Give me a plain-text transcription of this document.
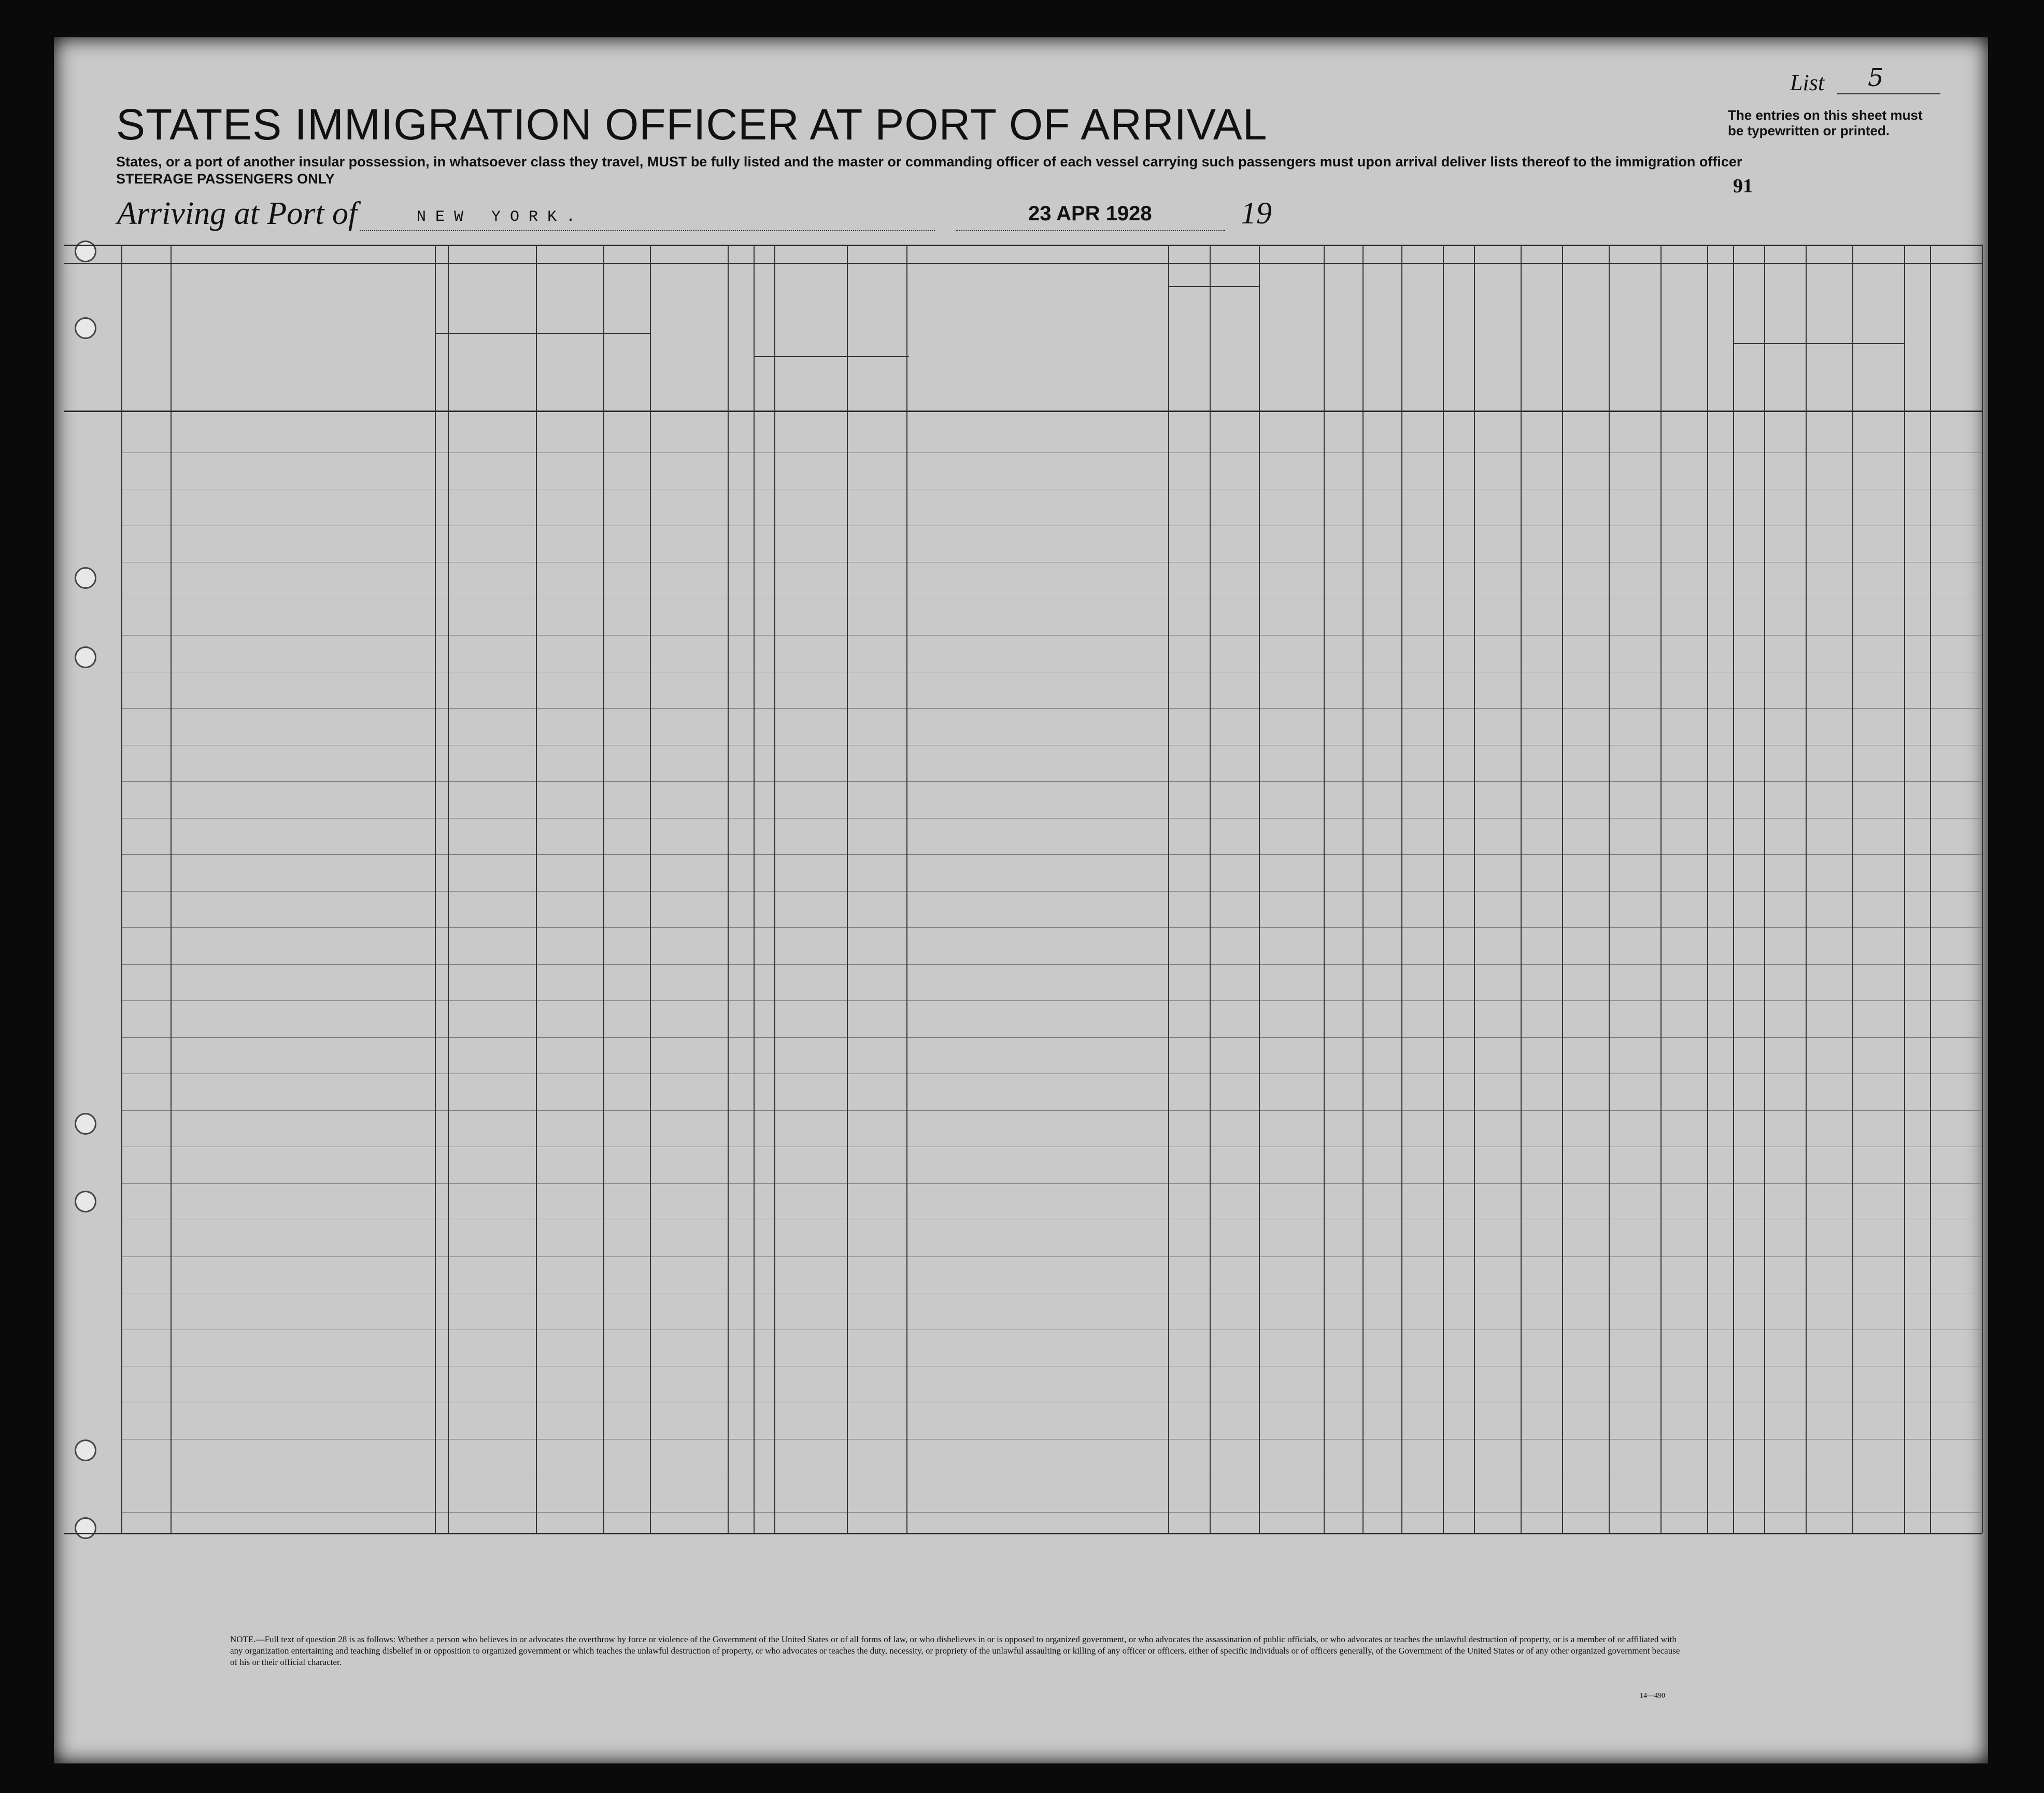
STATES IMMIGRATION OFFICER AT PORT OF ARRIVAL
States, or a port of another insular possession, in whatsoever class they travel, MUST be fully listed and the master or commanding officer of each vessel carrying such passengers must upon arrival deliver lists thereof to the immigration officer
STEERAGE PASSENGERS ONLY
Arriving at Port of	NEW YORK.	23 APR 1928	19
List 5
The entries on this sheet must be typewritten or printed.
91
NOTE.—Full text of question 28 is as follows: Whether a person who believes in or advocates the overthrow by force or violence of the Government of the United States or of all forms of law, or who disbelieves in or is opposed to organized government, or who advocates the assassination of public officials, or who advocates or teaches the unlawful destruction of property, or is a member of or affiliated with any organization entertaining and teaching disbelief in or opposition to organized government or which teaches the unlawful destruction of property, or who advocates or teaches the duty, necessity, or propriety of the unlawful assaulting or killing of any officer or officers, either of specific individuals or of officers generally, of the Government of the United States or of any other organized government because of his or their official character.
14—490
